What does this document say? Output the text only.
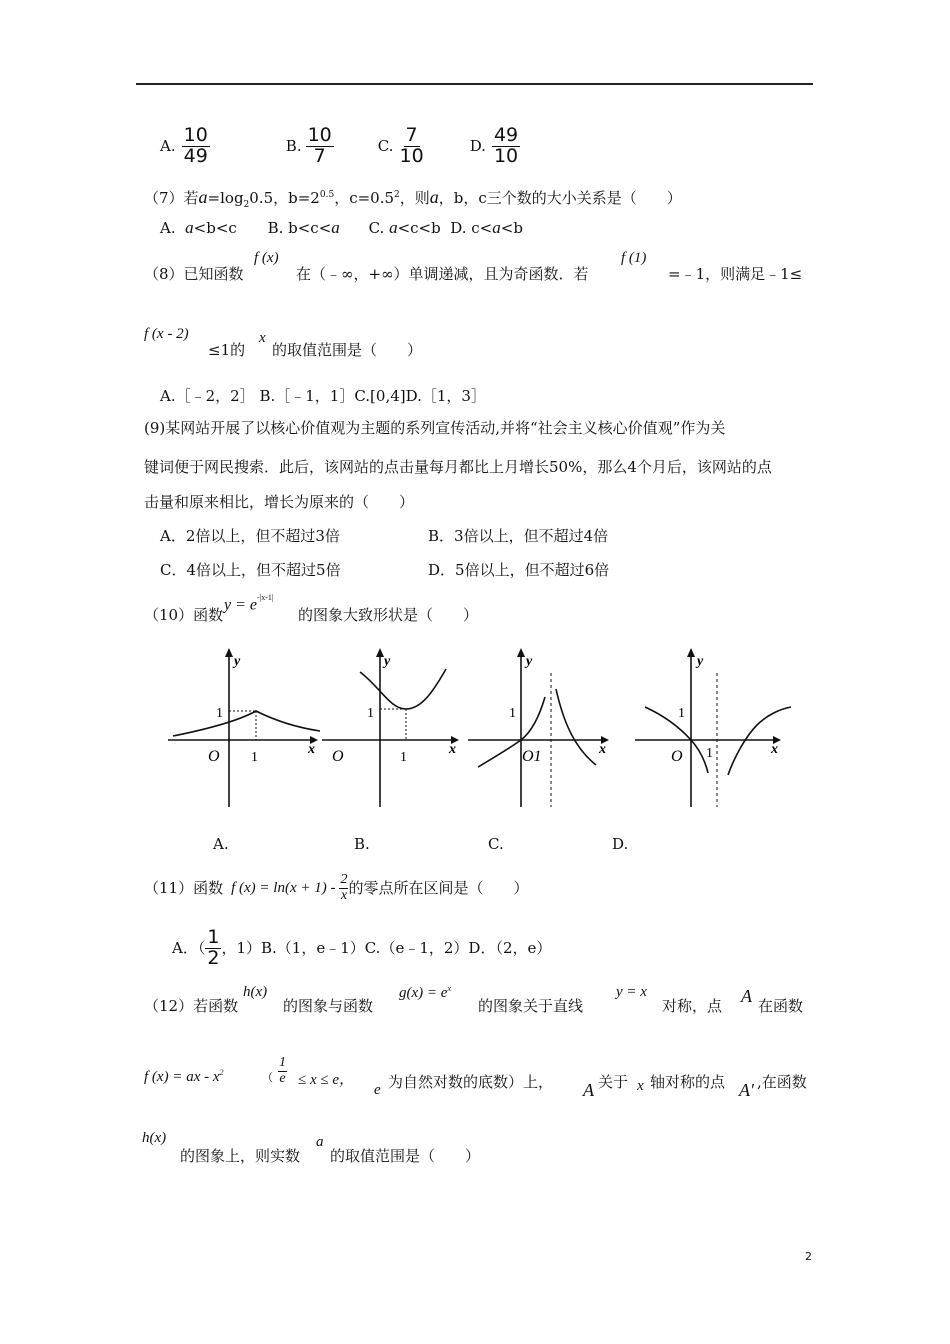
A. $\frac{10}{49}$	B. $\frac{10}{7}$	C. $\frac{7}{10}$	D. $\frac{49}{10}$
（7）若$a=\log_20.5$，$b=2^{0.5}$，$c=0.5^2$，则a，b，c三个数的大小关系是（　　）
A. a<b<c B. b<c<a C. a<c<b D. c<a<b
（8）已知函数
f (x)
在（﹣∞，+∞）单调递减，且为奇函数．若
f (1)
=﹣1，则满足﹣1≤
f (x - 2)
≤1的
x
的取值范围是（　　）
A.［﹣2，2］ B.［﹣1，1］C.[0,4]D.［1，3］
(9)某网站开展了以核心价值观为主题的系列宣传活动,并将“社会主义核心价值观”作为关
键词便于网民搜索．此后，该网站的点击量每月都比上月增长50%，那么4个月后，该网站的点
击量和原来相比，增长为原来的（　　）
A．2倍以上，但不超过3倍	B．3倍以上，但不超过4倍
C．4倍以上，但不超过5倍	D．5倍以上，但不超过6倍
（10）函数
$y = e^{-|x-1|}$
的图象大致形状是（　　）
y
x
O
1
1
y
x
O
1
1
y
x
O1
1
y
x
O
1
1
A.	B.	C.	D.
（11）函数 f (x) = ln(x + 1) -
2
x 的零点所在区间是（　　）
A．（ $\frac{1}{2}$ ，1）B.（1，e﹣1）C.（e﹣1，2）D．（2，e）
（12）若函数
h(x)
的图象与函数
$g(x) = e^x$
的图象关于直线
y = x
对称，点 A 在函数
f (x) = ax - $x^2$	（ $\frac{1}{e} \le x \le e$，
e 为自然对数的底数）上， A 关于 x 轴对称的点 A′ ,在函数
h(x)
的图象上，则实数
a
的取值范围是（　　）
2
